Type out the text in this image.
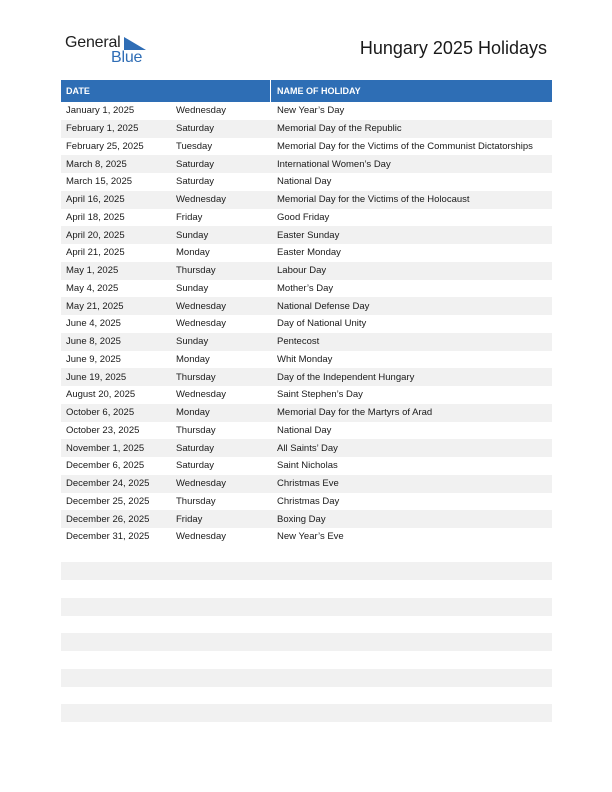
General
Blue	Hungary 2025 Holidays
DATE	NAME OF HOLIDAY
January 1, 2025	Wednesday	New Year’s Day
February 1, 2025	Saturday	Memorial Day of the Republic
February 25, 2025	Tuesday	Memorial Day for the Victims of the Communist Dictatorships
March 8, 2025	Saturday	International Women’s Day
March 15, 2025	Saturday	National Day
April 16, 2025	Wednesday	Memorial Day for the Victims of the Holocaust
April 18, 2025	Friday	Good Friday
April 20, 2025	Sunday	Easter Sunday
April 21, 2025	Monday	Easter Monday
May 1, 2025	Thursday	Labour Day
May 4, 2025	Sunday	Mother’s Day
May 21, 2025	Wednesday	National Defense Day
June 4, 2025	Wednesday	Day of National Unity
June 8, 2025	Sunday	Pentecost
June 9, 2025	Monday	Whit Monday
June 19, 2025	Thursday	Day of the Independent Hungary
August 20, 2025	Wednesday	Saint Stephen’s Day
October 6, 2025	Monday	Memorial Day for the Martyrs of Arad
October 23, 2025	Thursday	National Day
November 1, 2025	Saturday	All Saints’ Day
December 6, 2025	Saturday	Saint Nicholas
December 24, 2025	Wednesday	Christmas Eve
December 25, 2025	Thursday	Christmas Day
December 26, 2025	Friday	Boxing Day
December 31, 2025	Wednesday	New Year’s Eve
